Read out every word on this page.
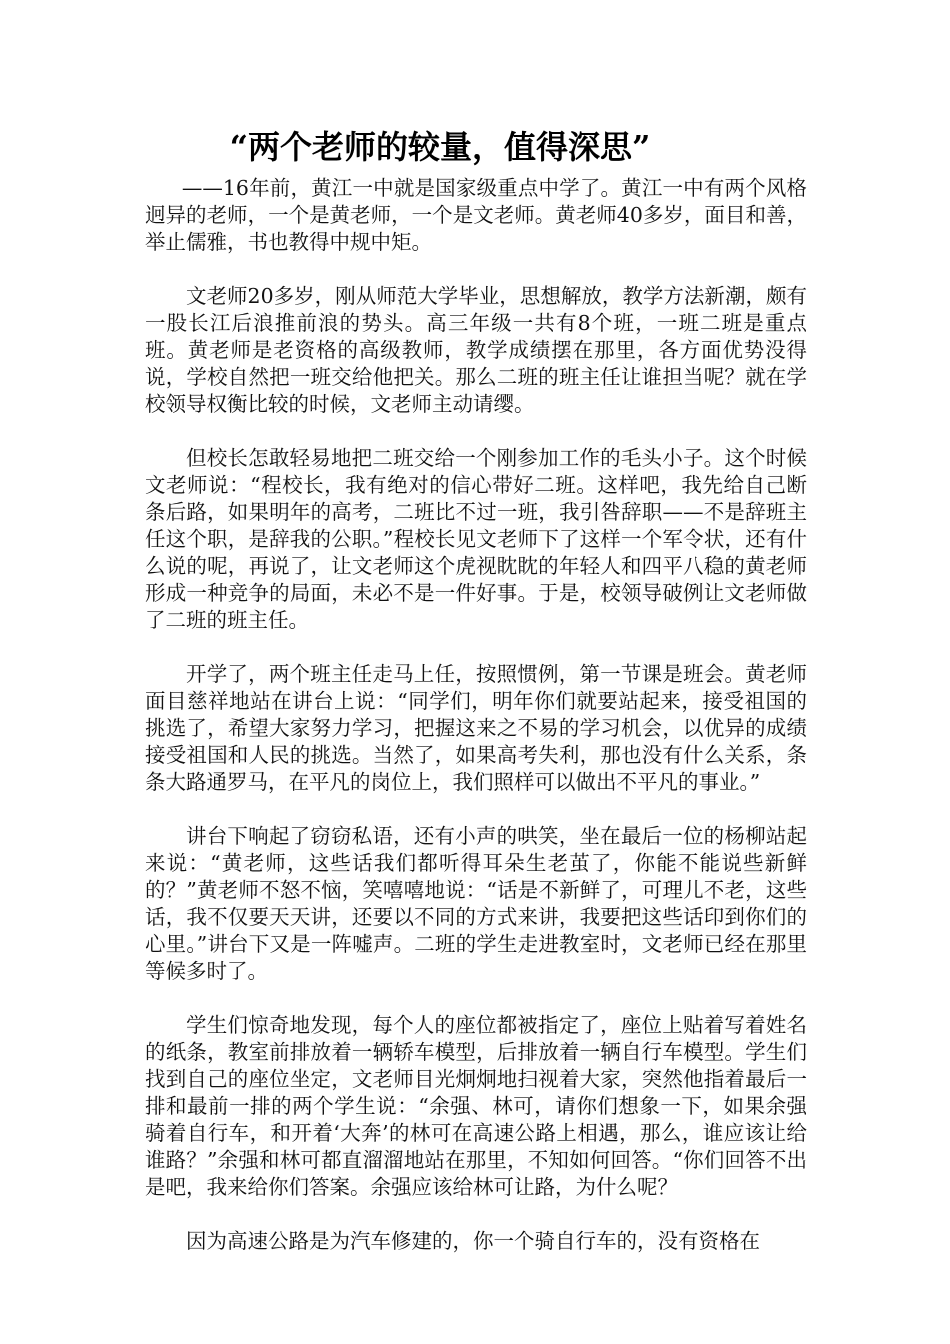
“两个老师的较量，值得深思”

——16年前，黄江一中就是国家级重点中学了。黄江一中有两个风格迥异的老师，一个是黄老师，一个是文老师。黄老师40多岁，面目和善，举止儒雅，书也教得中规中矩。

文老师20多岁，刚从师范大学毕业，思想解放，教学方法新潮，颇有一股长江后浪推前浪的势头。高三年级一共有8个班，一班二班是重点班。黄老师是老资格的高级教师，教学成绩摆在那里，各方面优势没得说，学校自然把一班交给他把关。那么二班的班主任让谁担当呢？就在学校领导权衡比较的时候，文老师主动请缨。

但校长怎敢轻易地把二班交给一个刚参加工作的毛头小子。这个时候文老师说：“程校长，我有绝对的信心带好二班。这样吧，我先给自己断条后路，如果明年的高考，二班比不过一班，我引咎辞职——不是辞班主任这个职，是辞我的公职。”程校长见文老师下了这样一个军令状，还有什么说的呢，再说了，让文老师这个虎视眈眈的年轻人和四平八稳的黄老师形成一种竞争的局面，未必不是一件好事。于是，校领导破例让文老师做了二班的班主任。

开学了，两个班主任走马上任，按照惯例，第一节课是班会。黄老师面目慈祥地站在讲台上说：“同学们，明年你们就要站起来，接受祖国的挑选了，希望大家努力学习，把握这来之不易的学习机会，以优异的成绩接受祖国和人民的挑选。当然了，如果高考失利，那也没有什么关系，条条大路通罗马，在平凡的岗位上，我们照样可以做出不平凡的事业。”

讲台下响起了窃窃私语，还有小声的哄笑，坐在最后一位的杨柳站起来说：“黄老师，这些话我们都听得耳朵生老茧了，你能不能说些新鲜的？”黄老师不怒不恼，笑嘻嘻地说：“话是不新鲜了，可理儿不老，这些话，我不仅要天天讲，还要以不同的方式来讲，我要把这些话印到你们的心里。”讲台下又是一阵嘘声。二班的学生走进教室时，文老师已经在那里等候多时了。

学生们惊奇地发现，每个人的座位都被指定了，座位上贴着写着姓名的纸条，教室前排放着一辆轿车模型，后排放着一辆自行车模型。学生们找到自己的座位坐定，文老师目光炯炯地扫视着大家，突然他指着最后一排和最前一排的两个学生说：“余强、林可，请你们想象一下，如果余强骑着自行车，和开着‘大奔’的林可在高速公路上相遇，那么，谁应该让给谁路？”余强和林可都直溜溜地站在那里，不知如何回答。“你们回答不出是吧，我来给你们答案。余强应该给林可让路，为什么呢？

因为高速公路是为汽车修建的，你一个骑自行车的，没有资格在
